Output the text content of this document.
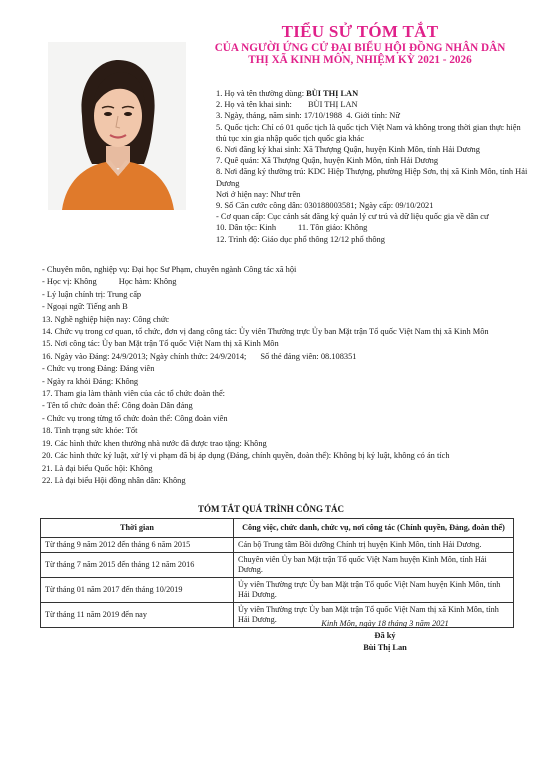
TIỂU SỬ TÓM TẮT
CỦA NGƯỜI ỨNG CỬ ĐẠI BIỂU HỘI ĐỒNG NHÂN DÂN
THỊ XÃ KINH MÔN, NHIỆM KỲ 2021 - 2026
1. Họ và tên thường dùng: BÙI THỊ LAN
2. Họ và tên khai sinh: BÙI THỊ LAN
3. Ngày, tháng, năm sinh: 17/10/1988 4. Giới tính: Nữ
5. Quốc tịch: Chỉ có 01 quốc tịch là quốc tịch Việt Nam và không trong thời gian thực hiện thủ tục xin gia nhập quốc tịch quốc gia khác
6. Nơi đăng ký khai sinh: Xã Thượng Quận, huyện Kinh Môn, tỉnh Hải Dương
7. Quê quán: Xã Thượng Quận, huyện Kinh Môn, tỉnh Hải Dương
8. Nơi đăng ký thường trú: KDC Hiệp Thượng, phường Hiệp Sơn, thị xã Kinh Môn, tỉnh Hải Dương
Nơi ở hiện nay: Như trên
9. Số Căn cước công dân: 030188003581; Ngày cấp: 09/10/2021
- Cơ quan cấp: Cục cảnh sát đăng ký quản lý cư trú và dữ liệu quốc gia về dân cư
10. Dân tộc: Kinh	11. Tôn giáo: Không
12. Trình độ: Giáo dục phổ thông 12/12 phổ thông
- Chuyên môn, nghiệp vụ: Đại học Sư Phạm, chuyên ngành Công tác xã hội
- Học vị: Không	Học hàm: Không
- Lý luận chính trị: Trung cấp
- Ngoại ngữ: Tiếng anh B
13. Nghề nghiệp hiện nay: Công chức
14. Chức vụ trong cơ quan, tổ chức, đơn vị đang công tác: Ủy viên Thường trực Ủy ban Mặt trận Tổ quốc Việt Nam thị xã Kinh Môn
15. Nơi công tác: Ủy ban Mặt trận Tổ quốc Việt Nam thị xã Kinh Môn
16. Ngày vào Đảng: 24/9/2013; Ngày chính thức: 24/9/2014; Số thẻ đảng viên: 08.108351
- Chức vụ trong Đảng: Đảng viên
- Ngày ra khỏi Đảng: Không
17. Tham gia làm thành viên của các tổ chức đoàn thể:
- Tên tổ chức đoàn thể: Công đoàn Dân đảng
- Chức vụ trong từng tổ chức đoàn thể: Công đoàn viên
18. Tình trạng sức khỏe: Tốt
19. Các hình thức khen thưởng nhà nước đã được trao tặng: Không
20. Các hình thức kỷ luật, xử lý vi phạm đã bị áp dụng (Đảng, chính quyền, đoàn thể): Không bị kỷ luật, không có án tích
21. Là đại biểu Quốc hội: Không
22. Là đại biểu Hội đồng nhân dân: Không
TÓM TẮT QUÁ TRÌNH CÔNG TÁC
Thời gian	Công việc, chức danh, chức vụ, nơi công tác (Chính quyền, Đảng, đoàn thể)
Từ tháng 9 năm 2012 đến tháng 6 năm 2015	Cán bộ Trung tâm Bồi dưỡng Chính trị huyện Kinh Môn, tỉnh Hải Dương.
Từ tháng 7 năm 2015 đến tháng 12 năm 2016	Chuyên viên Ủy ban Mặt trận Tổ quốc Việt Nam huyện Kinh Môn, tỉnh Hải Dương.
Từ tháng 01 năm 2017 đến tháng 10/2019	Ủy viên Thường trực Ủy ban Mặt trận Tổ quốc Việt Nam huyện Kinh Môn, tỉnh Hải Dương.
Từ tháng 11 năm 2019 đến nay	Ủy viên Thường trực Ủy ban Mặt trận Tổ quốc Việt Nam thị xã Kinh Môn, tỉnh Hải Dương.	Kinh Môn, ngày 18 tháng 3 năm 2021
Đã ký
Bùi Thị Lan
